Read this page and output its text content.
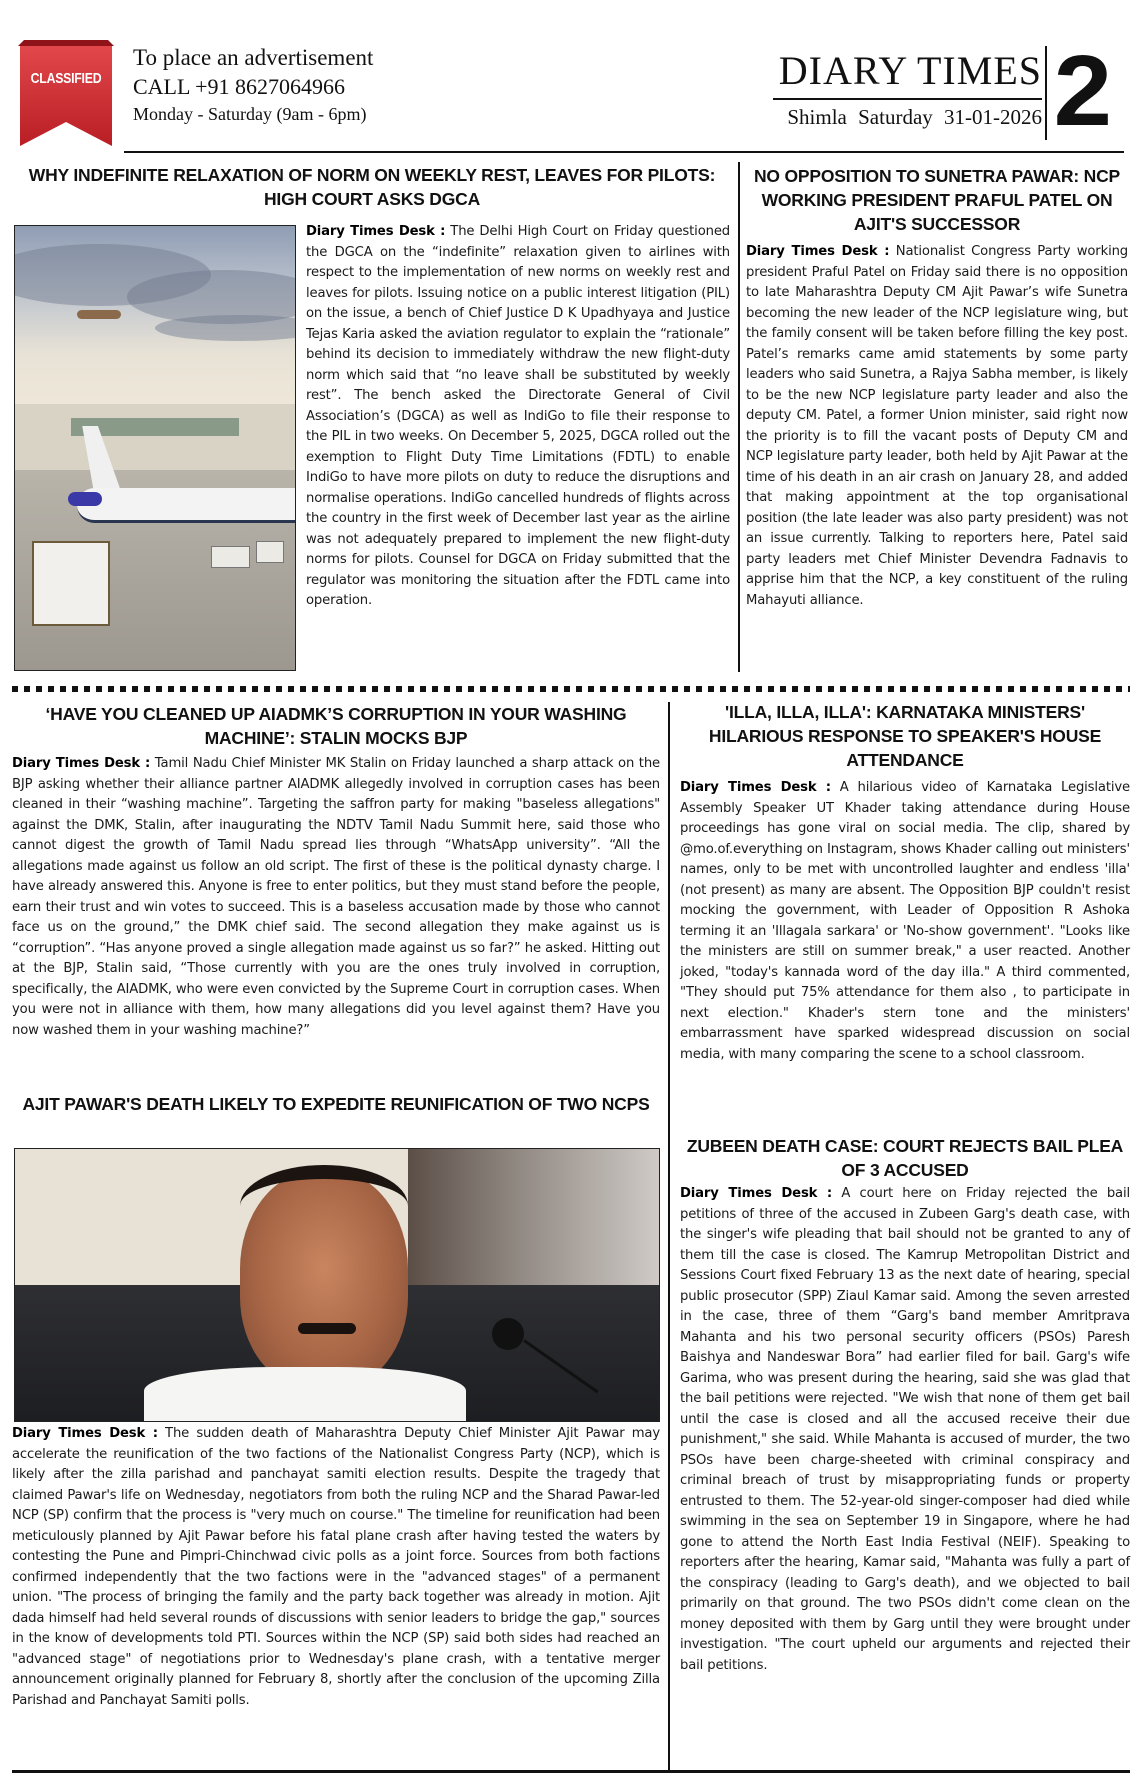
CLASSIFIED
To place an advertisement
CALL +91 8627064966
Monday - Saturday (9am - 6pm)
DIARY TIMES
Shimla Saturday 31-01-2026 2
WHY INDEFINITE RELAXATION OF NORM ON WEEKLY REST, LEAVES FOR PILOTS: HIGH COURT ASKS DGCA
Diary Times Desk : The Delhi High Court on Friday questioned the DGCA on the “indefinite” relaxation given to airlines with respect to the implementation of new norms on weekly rest and leaves for pilots. Issuing notice on a public interest litigation (PIL) on the issue, a bench of Chief Justice D K Upadhyaya and Justice Tejas Karia asked the aviation regulator to explain the “rationale” behind its decision to immediately withdraw the new flight-duty norm which said that “no leave shall be substituted by weekly rest”. The bench asked the Directorate General of Civil Association’s (DGCA) as well as IndiGo to file their response to the PIL in two weeks. On December 5, 2025, DGCA rolled out the exemption to Flight Duty Time Limitations (FDTL) to enable IndiGo to have more pilots on duty to reduce the disruptions and normalise operations. IndiGo cancelled hundreds of flights across the country in the first week of December last year as the airline was not adequately prepared to implement the new flight-duty norms for pilots. Counsel for DGCA on Friday submitted that the regulator was monitoring the situation after the FDTL came into operation.
NO OPPOSITION TO SUNETRA PAWAR: NCP WORKING PRESIDENT PRAFUL PATEL ON AJIT'S SUCCESSOR
Diary Times Desk : Nationalist Congress Party working president Praful Patel on Friday said there is no opposition to late Maharashtra Deputy CM Ajit Pawar’s wife Sunetra becoming the new leader of the NCP legislature wing, but the family consent will be taken before filling the key post. Patel’s remarks came amid statements by some party leaders who said Sunetra, a Rajya Sabha member, is likely to be the new NCP legislature party leader and also the deputy CM. Patel, a former Union minister, said right now the priority is to fill the vacant posts of Deputy CM and NCP legislature party leader, both held by Ajit Pawar at the time of his death in an air crash on January 28, and added that making appointment at the top organisational position (the late leader was also party president) was not an issue currently. Talking to reporters here, Patel said party leaders met Chief Minister Devendra Fadnavis to apprise him that the NCP, a key constituent of the ruling Mahayuti alliance.
‘HAVE YOU CLEANED UP AIADMK’S CORRUPTION IN YOUR WASHING MACHINE’: STALIN MOCKS BJP
Diary Times Desk : Tamil Nadu Chief Minister MK Stalin on Friday launched a sharp attack on the BJP asking whether their alliance partner AIADMK allegedly involved in corruption cases has been cleaned in their “washing machine”. Targeting the saffron party for making "baseless allegations" against the DMK, Stalin, after inaugurating the NDTV Tamil Nadu Summit here, said those who cannot digest the growth of Tamil Nadu spread lies through “WhatsApp university”. “All the allegations made against us follow an old script. The first of these is the political dynasty charge. I have already answered this. Anyone is free to enter politics, but they must stand before the people, earn their trust and win votes to succeed. This is a baseless accusation made by those who cannot face us on the ground,” the DMK chief said. The second allegation they make against us is “corruption”. “Has anyone proved a single allegation made against us so far?” he asked. Hitting out at the BJP, Stalin said, “Those currently with you are the ones truly involved in corruption, specifically, the AIADMK, who were even convicted by the Supreme Court in corruption cases. When you were not in alliance with them, how many allegations did you level against them? Have you now washed them in your washing machine?”
AJIT PAWAR'S DEATH LIKELY TO EXPEDITE REUNIFICATION OF TWO NCPS
Diary Times Desk : The sudden death of Maharashtra Deputy Chief Minister Ajit Pawar may accelerate the reunification of the two factions of the Nationalist Congress Party (NCP), which is likely after the zilla parishad and panchayat samiti election results. Despite the tragedy that claimed Pawar's life on Wednesday, negotiators from both the ruling NCP and the Sharad Pawar-led NCP (SP) confirm that the process is "very much on course." The timeline for reunification had been meticulously planned by Ajit Pawar before his fatal plane crash after having tested the waters by contesting the Pune and Pimpri-Chinchwad civic polls as a joint force. Sources from both factions confirmed independently that the two factions were in the "advanced stages" of a permanent union. "The process of bringing the family and the party back together was already in motion. Ajit dada himself had held several rounds of discussions with senior leaders to bridge the gap," sources in the know of developments told PTI. Sources within the NCP (SP) said both sides had reached an "advanced stage" of negotiations prior to Wednesday's plane crash, with a tentative merger announcement originally planned for February 8, shortly after the conclusion of the upcoming Zilla Parishad and Panchayat Samiti polls.
'ILLA, ILLA, ILLA': KARNATAKA MINISTERS' HILARIOUS RESPONSE TO SPEAKER'S HOUSE ATTENDANCE
Diary Times Desk : A hilarious video of Karnataka Legislative Assembly Speaker UT Khader taking attendance during House proceedings has gone viral on social media. The clip, shared by @mo.of.everything on Instagram, shows Khader calling out ministers' names, only to be met with uncontrolled laughter and endless 'illa' (not present) as many are absent. The Opposition BJP couldn't resist mocking the government, with Leader of Opposition R Ashoka terming it an 'Illagala sarkara' or 'No-show government'. "Looks like the ministers are still on summer break," a user reacted. Another joked, "today's kannada word of the day illa." A third commented, "They should put 75% attendance for them also , to participate in next election." Khader's stern tone and the ministers' embarrassment have sparked widespread discussion on social media, with many comparing the scene to a school classroom.
ZUBEEN DEATH CASE: COURT REJECTS BAIL PLEA OF 3 ACCUSED
Diary Times Desk : A court here on Friday rejected the bail petitions of three of the accused in Zubeen Garg's death case, with the singer's wife pleading that bail should not be granted to any of them till the case is closed. The Kamrup Metropolitan District and Sessions Court fixed February 13 as the next date of hearing, special public prosecutor (SPP) Ziaul Kamar said. Among the seven arrested in the case, three of them “Garg's band member Amritprava Mahanta and his two personal security officers (PSOs) Paresh Baishya and Nandeswar Bora” had earlier filed for bail. Garg's wife Garima, who was present during the hearing, said she was glad that the bail petitions were rejected. "We wish that none of them get bail until the case is closed and all the accused receive their due punishment," she said. While Mahanta is accused of murder, the two PSOs have been charge-sheeted with criminal conspiracy and criminal breach of trust by misappropriating funds or property entrusted to them. The 52-year-old singer-composer had died while swimming in the sea on September 19 in Singapore, where he had gone to attend the North East India Festival (NEIF). Speaking to reporters after the hearing, Kamar said, "Mahanta was fully a part of the conspiracy (leading to Garg's death), and we objected to bail primarily on that ground. The two PSOs didn't come clean on the money deposited with them by Garg until they were brought under investigation. "The court upheld our arguments and rejected their bail petitions.
